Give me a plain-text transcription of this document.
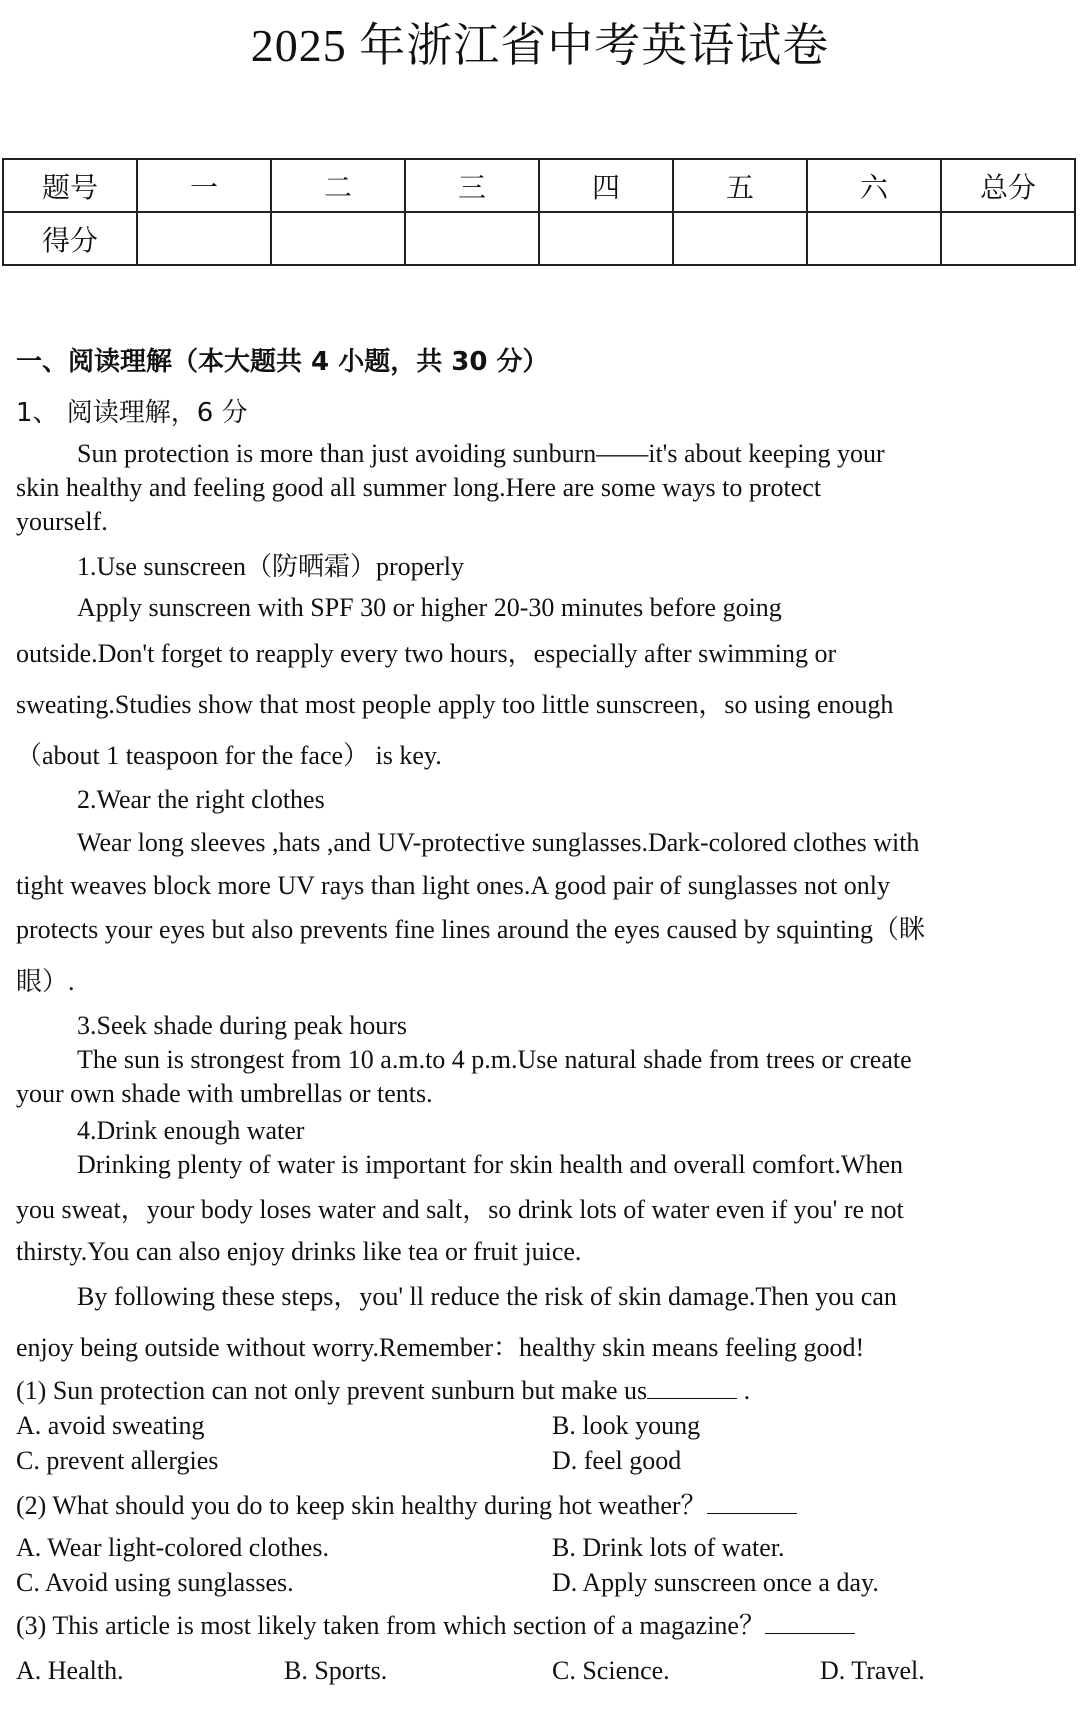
2025 年浙江省中考英语试卷
题号	一	二	三	四	五	六	总分
得分							
一、阅读理解（本大题共 4 小题，共 30 分）
1、 阅读理解，6 分
Sun protection is more than just avoiding sunburn——it's about keeping your
skin healthy and feeling good all summer long.Here are some ways to protect
yourself.
1.Use sunscreen（防晒霜）properly
Apply sunscreen with SPF 30 or higher 20-30 minutes before going
outside.Don't forget to reapply every two hours，especially after swimming or
sweating.Studies show that most people apply too little sunscreen，so using enough
（about 1 teaspoon for the face） is key.
2.Wear the right clothes
Wear long sleeves ,hats ,and UV-protective sunglasses.Dark-colored clothes with
tight weaves block more UV rays than light ones.A good pair of sunglasses not only
protects your eyes but also prevents fine lines around the eyes caused by squinting（眯
眼）.
3.Seek shade during peak hours
The sun is strongest from 10 a.m.to 4 p.m.Use natural shade from trees or create
your own shade with umbrellas or tents.
4.Drink enough water
Drinking plenty of water is important for skin health and overall comfort.When
you sweat，your body loses water and salt，so drink lots of water even if you' re not
thirsty.You can also enjoy drinks like tea or fruit juice.
By following these steps，you' ll reduce the risk of skin damage.Then you can
enjoy being outside without worry.Remember：healthy skin means feeling good!
(1) Sun protection can not only prevent sunburn but make us	.
A. avoid sweating	B. look young
C. prevent allergies	D. feel good
(2) What should you do to keep skin healthy during hot weather？
A. Wear light-colored clothes.	B. Drink lots of water.
C. Avoid using sunglasses.	D. Apply sunscreen once a day.
(3) This article is most likely taken from which section of a magazine？
A. Health.	B. Sports.	C. Science.	D. Travel.
